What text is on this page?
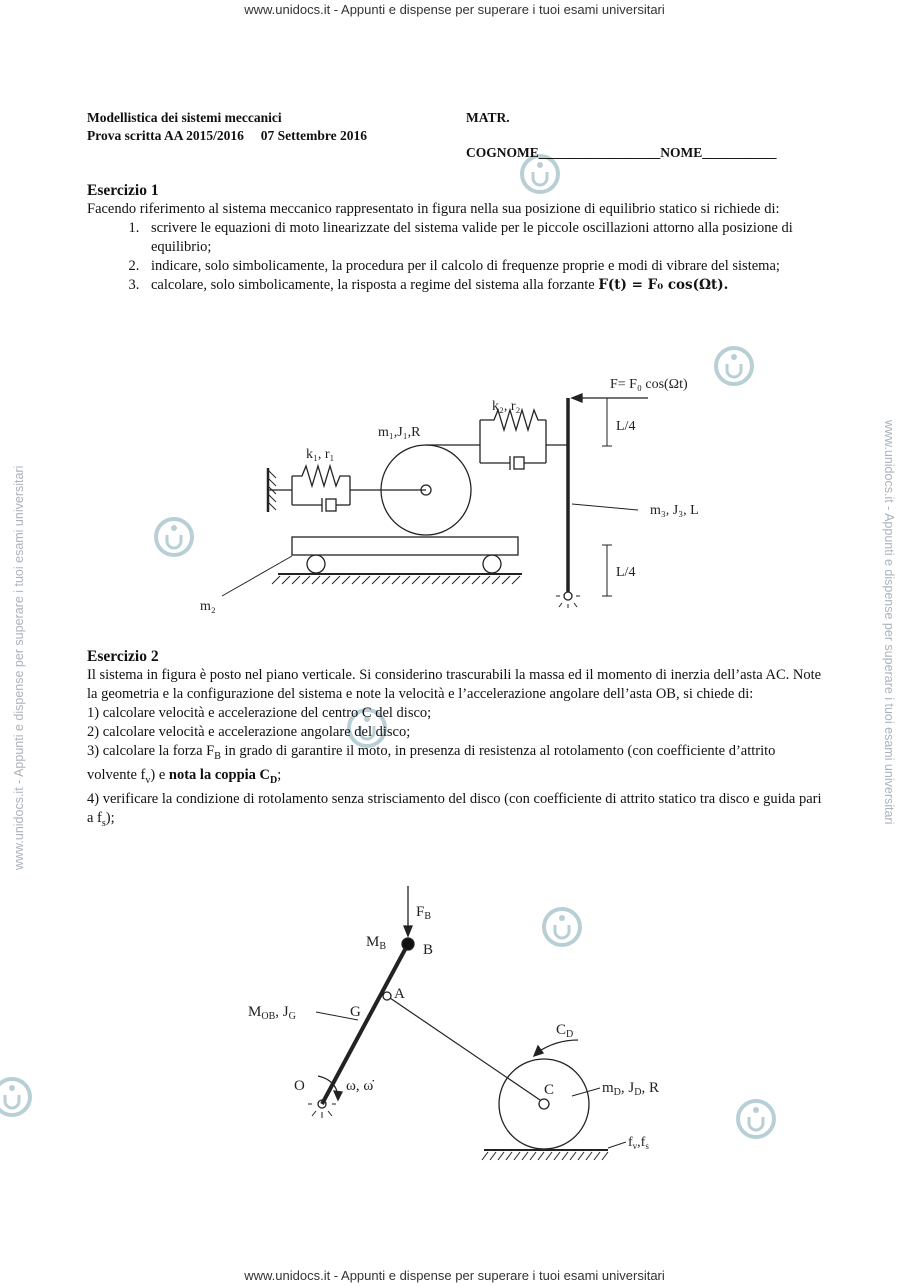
www.unidocs.it - Appunti e dispense per superare i tuoi esami universitari
www.unidocs.it - Appunti e dispense per superare i tuoi esami universitari
www.unidocs.it - Appunti e dispense per superare i tuoi esami universitari	www.unidocs.it - Appunti e dispense per superare i tuoi esami universitari
Modellistica dei sistemi meccanici
Prova scritta AA 2015/2016     07 Settembre 2016
MATR.
COGNOME__________________NOME___________

Esercizio 1

Facendo riferimento al sistema meccanico rappresentato in figura nella sua posizione di equilibrio statico si richiede di:

1. scrivere le equazioni di moto linearizzate del sistema valide per le piccole oscillazioni attorno alla posizione di equilibrio;
2. indicare, solo simbolicamente, la procedura per il calcolo di frequenze proprie e modi di vibrare del sistema;
3. calcolare, solo simbolicamente, la risposta a regime del sistema alla forzante F(t) = F₀ cos(Ωt).
F= F₀ cos(Ωt)
k₂, r₂
m₁,J₁,R
k₁, r₁
L/4
m₃, J₃, L
L/4
m₂

Esercizio 2

Il sistema in figura è posto nel piano verticale. Si considerino trascurabili la massa ed il momento di inerzia dell’asta AC. Note la geometria e la configurazione del sistema e note la velocità e l’accelerazione angolare dell’asta OB, si chiede di:

1) calcolare velocità e accelerazione del centro C del disco;

2) calcolare velocità e accelerazione angolare del disco;

3) calcolare la forza $F_B$ in grado di garantire il moto, in presenza di resistenza al rotolamento (con coefficiente d’attrito volvente $f_v$) e nota la coppia $C_D$;

4) verificare la condizione di rotolamento senza strisciamento del disco (con coefficiente di attrito statico tra disco e guida pari a $f_s$);

$F_B$
$M_B$ B
A
$M_{OB}$, $J_G$	G
O	ω, ω̇	C
$C_D$
$m_D$, $J_D$, R
$f_v,f_s$
